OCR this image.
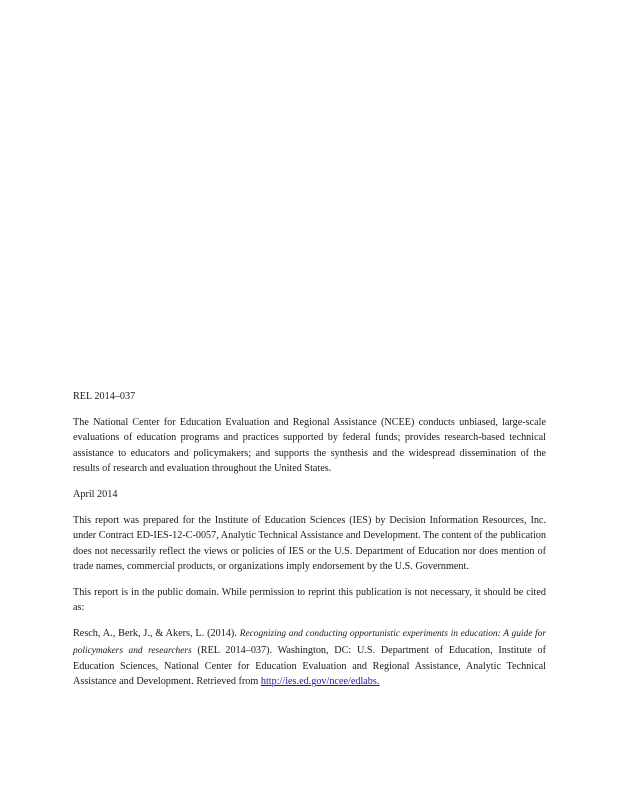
REL 2014–037

The National Center for Education Evaluation and Regional Assistance (NCEE) conducts unbiased, large-scale evaluations of education programs and practices supported by federal funds; provides research-based technical assistance to educators and policymakers; and supports the synthesis and the widespread dissemination of the results of research and evaluation throughout the United States.

April 2014

This report was prepared for the Institute of Education Sciences (IES) by Decision Information Resources, Inc. under Contract ED-IES-12-C-0057, Analytic Technical Assistance and Development. The content of the publication does not necessarily reflect the views or policies of IES or the U.S. Department of Education nor does mention of trade names, commercial products, or organizations imply endorsement by the U.S. Government.

This report is in the public domain. While permission to reprint this publication is not necessary, it should be cited as:

Resch, A., Berk, J., & Akers, L. (2014). Recognizing and conducting opportunistic experiments in education: A guide for policymakers and researchers (REL 2014–037). Washington, DC: U.S. Department of Education, Institute of Education Sciences, National Center for Education Evaluation and Regional Assistance, Analytic Technical Assistance and Development. Retrieved from http://ies.ed.gov/ncee/edlabs.
